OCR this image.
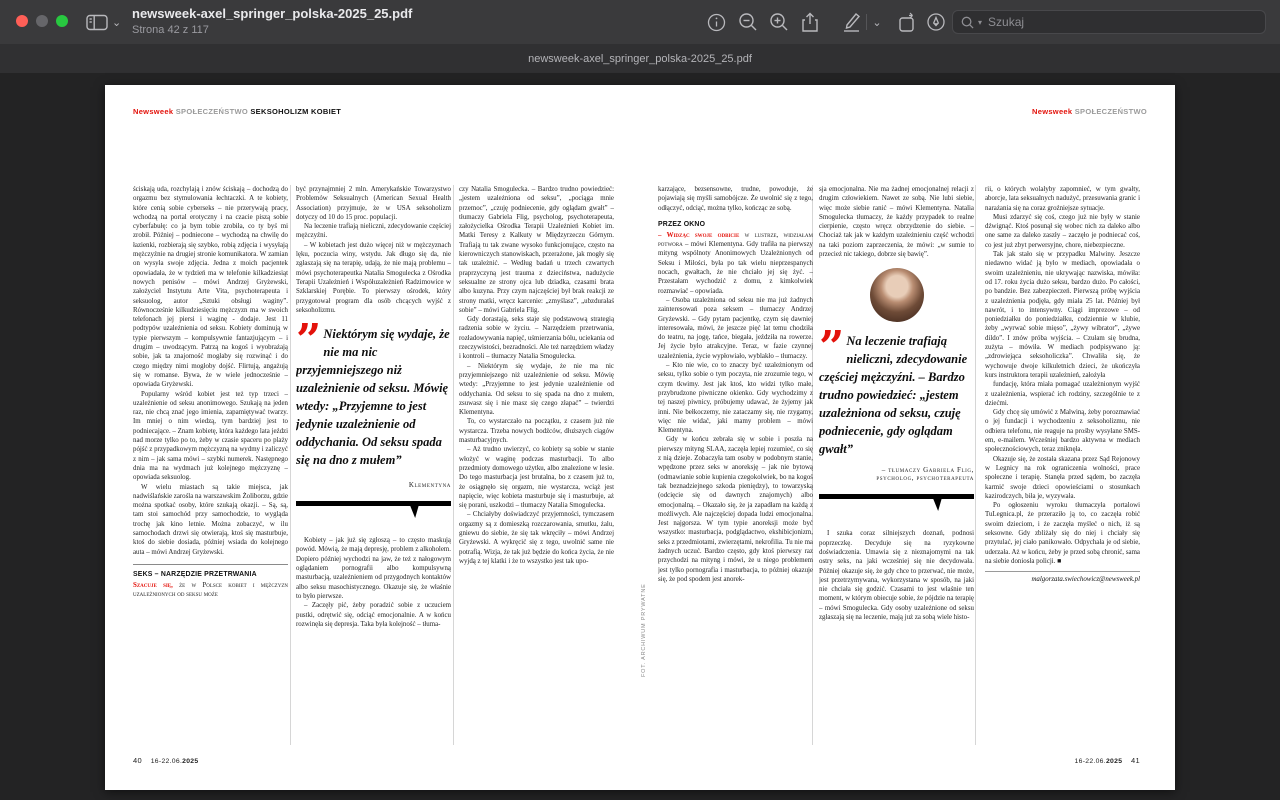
⌄
newsweek-axel_springer_polska-2025_25.pdf
Strona 42 z 117
⌄	▾
Szukaj
newsweek-axel_springer_polska-2025_25.pdf
Newsweek SPOŁECZEŃSTWO SEKSOHOLIZM KOBIET	Newsweek SPOŁECZEŃSTWO

ściskają uda, rozchylają i znów ściskają – dochodzą do orgazmu bez stymulowania łechtaczki. A te kobiety, które cenią sobie cyberseks – nie przerywają pracy, wchodzą na portal erotyczny i na czacie piszą sobie cyberfabułę: co ja bym tobie zrobiła, co ty byś mi zrobił. Później – podniecone – wychodzą na chwilę do łazienki, rozbierają się szybko, robią zdjęcia i wysyłają mężczyźnie na drugiej stronie komunikatora. W zamian on wysyła swoje zdjęcia. Jedna z moich pacjentek opowiadała, że w tydzień ma w telefonie kilkadziesiąt nowych penisów – mówi Andrzej Gryżewski, założyciel Instytutu Arte Vita, psychoterapeuta i seksuolog, autor „Sztuki obsługi waginy”. Równocześnie kilkudziesięciu mężczyzn ma w swoich telefonach jej piersi i waginę - dodaje. Jest 11 podtypów uzależnienia od seksu. Kobiety dominują w typie pierwszym – kompulsywnie fantazjującym – i drugim – uwodzącym. Patrzą na kogoś i wyobrażają sobie, jak ta znajomość mogłaby się rozwinąć i do czego między nimi mogłoby dojść. Flirtują, angażują się w romanse. Bywa, że w wiele jednocześnie – opowiada Gryżewski.

Popularny wśród kobiet jest też typ trzeci – uzależnienie od seksu anonimowego. Szukają na jeden raz, nie chcą znać jego imienia, zapamiętywać twarzy. Im mniej o nim wiedzą, tym bardziej jest to podniecające. – Znam kobietę, która każdego lata jeździ nad morze tylko po to, żeby w czasie spaceru po plaży pójść z przypadkowym mężczyzną na wydmy i zaliczyć z nim – jak sama mówi – szybki numerek. Następnego dnia ma na wydmach już kolejnego mężczyznę – opowiada seksuolog.

W wielu miastach są takie miejsca, jak nadwiślańskie zarośla na warszawskim Żoliborzu, gdzie można spotkać osoby, które szukają okazji. – Są, są, tam stoi samochód przy samochodzie, to wygląda trochę jak kino letnie. Można zobaczyć, w ilu samochodach drzwi się otwierają, ktoś się masturbuje, ktoś do siebie dosiada, później wsiada do kolejnego auta – mówi Andrzej Gryżewski.

SEKS – NARZĘDZIE PRZETRWANIA

Szacuje się, że w Polsce kobiet i mężczyzn uzależnionych od seksu może

być przynajmniej 2 mln. Amerykańskie Towarzystwo Problemów Seksualnych (American Sexual Health Association) przyjmuje, że w USA seksoholizm dotyczy od 10 do 15 proc. populacji.

Na leczenie trafiają nieliczni, zdecydowanie częściej mężczyźni.

– W kobietach jest dużo więcej niż w mężczyznach lęku, poczucia winy, wstydu. Jak długo się da, nie zgłaszają się na terapię, udają, że nie mają problemu – mówi psychoterapeutka Natalia Smogulecka z Ośrodka Terapii Uzależnień i Współuzależnień Radzimowice w Szklarskiej Porębie. To pierwszy ośrodek, który przygotował program dla osób chcących wyjść z seksoholizmu.

” Niektórym się wydaje, że nie ma nic przyjemniejszego niż uzależnienie od seksu. Mówię wtedy: „Przyjemne to jest jedynie uzależnienie od oddychania. Od seksu spada się na dno z mułem”
Klementyna

Kobiety – jak już się zgłoszą – to często maskują powód. Mówią, że mają depresję, problem z alkoholem. Dopiero później wychodzi na jaw, że też z nałogowym oglądaniem pornografii albo kompulsywną masturbacją, uzależnieniem od przygodnych kontaktów albo seksu masochistycznego. Okazuje się, że właśnie to było pierwsze.

– Zaczęły pić, żeby poradzić sobie z uczuciem pustki, odrętwić się, odciąć emocjonalnie. A w końcu rozwinęła się depresja. Taka była kolejność – tłuma-

czy Natalia Smogulecka. – Bardzo trudno powiedzieć: „jestem uzależniona od seksu”, „pociąga mnie przemoc”, „czuję podniecenie, gdy oglądam gwałt” – tłumaczy Gabriela Flig, psycholog, psychoterapeuta, założycielka Ośrodka Terapii Uzależnień Kobiet im. Matki Teresy z Kalkuty w Międzyrzeczu Górnym. Trafiają tu tak zwane wysoko funkcjonujące, często na kierowniczych stanowiskach, przerażone, jak mogły się tak uzależnić. – Według badań u trzech czwartych praprzyczyną jest trauma z dzieciństwa, nadużycie seksualne ze strony ojca lub dziadka, czasami brata albo kuzyna. Przy czym najczęściej był brak reakcji ze strony matki, wręcz karcenie: „zmyślasz”, „ubzdurałaś sobie” – mówi Gabriela Flig.

Gdy dorastają, seks staje się podstawową strategią radzenia sobie w życiu. – Narzędziem przetrwania, rozładowywania napięć, uśmierzania bólu, uciekania od rzeczywistości, bezradności. Ale też narzędziem władzy i kontroli – tłumaczy Natalia Smogulecka.

– Niektórym się wydaje, że nie ma nic przyjemniejszego niż uzależnienie od seksu. Mówię wtedy: „Przyjemne to jest jedynie uzależnienie od oddychania. Od seksu to się spada na dno z mułem, zsuwasz się i nie masz się czego złapać” – twierdzi Klementyna.

To, co wystarczało na początku, z czasem już nie wystarcza. Trzeba nowych bodźców, dłuższych ciągów masturbacyjnych.

– Aż trudno uwierzyć, co kobiety są sobie w stanie włożyć w waginę podczas masturbacji. To albo przedmioty domowego użytku, albo znalezione w lesie. Do tego masturbacja jest brutalna, bo z czasem już to, że osiągnęło się orgazm, nie wystarcza, wciąż jest napięcie, więc kobieta masturbuje się i masturbuje, aż się porani, uszkodzi – tłumaczy Natalia Smogulecka.

– Chciałyby doświadczyć przyjemności, tymczasem orgazmy są z domieszką rozczarowania, smutku, żalu, gniewu do siebie, że się tak wkręciły – mówi Andrzej Gryżewski. A wykręcić się z tego, uwolnić same nie potrafią. Wizja, że tak już będzie do końca życia, że nie wyjdą z tej klatki i że to wszystko jest tak upo-

FOT. ARCHIWUM PRYWATNE

karzające, bezsensowne, trudne, powoduje, że pojawiają się myśli samobójcze. Że uwolnić się z tego, odłączyć, odciąć, można tylko, kończąc ze sobą.

PRZEZ OKNO

– Widząc swoje odbicie w lustrze, widziałam potwora – mówi Klementyna. Gdy trafiła na pierwszy mityng wspólnoty Anonimowych Uzależnionych od Seksu i Miłości, była po tak wielu nieprzespanych nocach, gwałtach, że nie chciało jej się żyć. – Przestałam wychodzić z domu, z kimkolwiek rozmawiać – opowiada.

– Osoba uzależniona od seksu nie ma już żadnych zainteresowań poza seksem – tłumaczy Andrzej Gryżewski. – Gdy pytam pacjentkę, czym się dawniej interesowała, mówi, że jeszcze pięć lat temu chodziła do teatru, na jogę, tańce, biegała, jeździła na rowerze. Jej życie było atrakcyjne. Teraz, w fazie czynnej uzależnienia, życie wypłowiało, wyblakło – tłumaczy.

– Kto nie wie, co to znaczy być uzależnionym od seksu, tylko sobie o tym poczyta, nie zrozumie tego, w czym tkwimy. Jest jak ktoś, kto widzi tylko małe, przybrudzone piwniczne okienko. Gdy wychodzimy z tej naszej piwnicy, próbujemy udawać, że żyjemy jak inni. Nie bełkoczemy, nie zataczamy się, nie rzygamy, więc nie widać, jaki mamy problem – mówi Klementyna.

Gdy w końcu zebrała się w sobie i poszła na pierwszy mityng SLAA, zaczęła lepiej rozumieć, co się z nią dzieje. Zobaczyła tam osoby w podobnym stanie, wpędzone przez seks w anoreksję – jak nie bytową (odmawianie sobie kupienia czegokolwiek, bo na kogoś tak beznadziejnego szkoda pieniędzy), to towarzyską (odcięcie się od dawnych znajomych) albo emocjonalną. – Okazało się, że ja zapadłam na każdą z możliwych. Ale najczęściej dopada ludzi emocjonalna. Jest najgorsza. W tym typie anoreksji może być wszystko: masturbacja, podglądactwo, ekshibicjonizm, seks z przedmiotami, zwierzętami, nekrofilia. Tu nie ma żadnych uczuć. Bardzo często, gdy ktoś pierwszy raz przychodzi na mityng i mówi, że u niego problemem jest tylko pornografia i masturbacja, to później okazuje się, że pod spodem jest anorek-

sja emocjonalna. Nie ma żadnej emocjonalnej relacji z drugim człowiekiem. Nawet ze sobą. Nie lubi siebie, więc może siebie ranić – mówi Klementyna. Natalia Smogulecka tłumaczy, że każdy przypadek to realne cierpienie, często wręcz obrzydzenie do siebie. – Chociaż tak jak w każdym uzależnieniu część wchodzi na taki poziom zaprzeczenia, że mówi: „w sumie to przecież nic takiego, dobrze się bawię”.

” Na leczenie trafiają nieliczni, zdecydowanie częściej mężczyźni. – Bardzo trudno powiedzieć: „jestem uzależniona od seksu, czuję podniecenie, gdy oglądam gwałt”
– tłumaczy Gabriela Flig,
psycholog, psychoterapeuta

I szuka coraz silniejszych doznań, podnosi poprzeczkę. Decyduje się na ryzykowne doświadczenia. Umawia się z nieznajomymi na tak ostry seks, na jaki wcześniej się nie decydowała. Później okazuje się, że gdy chce to przerwać, nie może, jest przetrzymywana, wykorzystana w sposób, na jaki nie chciała się godzić. Czasami to jest właśnie ten moment, w którym obiecuje sobie, że pójdzie na terapię – mówi Smogulecka. Gdy osoby uzależnione od seksu zgłaszają się na leczenie, mają już za sobą wiele histo-

rii, o których wolałyby zapomnieć, w tym gwałty, aborcje, lata seksualnych nadużyć, przesuwania granic i narażania się na coraz groźniejsze sytuacje.

Musi zdarzyć się coś, czego już nie były w stanie dźwignąć. Ktoś posunął się wobec nich za daleko albo one same za daleko zaszły – zaczęło je podniecać coś, co jest już zbyt perwersyjne, chore, niebezpieczne.

Tak jak stało się w przypadku Malwiny. Jeszcze niedawno widać ją było w mediach, opowiadała o swoim uzależnieniu, nie ukrywając nazwiska, mówiła: od 17. roku życia dużo seksu, bardzo dużo. Po całości, po bandzie. Bez zabezpieczeń. Pierwszą próbę wyjścia z uzależnienia podjęła, gdy miała 25 lat. Później był nawrót, i to intensywny. Ciągi imprezowe – od poniedziałku do poniedziałku, codziennie w klubie, żeby „wyrwać sobie mięso”, „żywy wibrator”, „żywe dildo”. I znów próba wyjścia. – Czułam się brudna, zużyta – mówiła. W mediach podpisywano ją: „zdrowiejąca seksoholiczka”. Chwaliła się, że wychowuje dwoje kilkuletnich dzieci, że ukończyła kurs instruktora terapii uzależnień, założyła

fundację, która miała pomagać uzależnionym wyjść z uzależnienia, wspierać ich rodziny, szczególnie te z dziećmi.

Gdy chcę się umówić z Malwiną, żeby porozmawiać o jej fundacji i wychodzeniu z seksoholizmu, nie odbiera telefonu, nie reaguje na prośby wysyłane SMS-em, e-mailem. Wcześniej bardzo aktywna w mediach społecznościowych, teraz zniknęła.

Okazuje się, że została skazana przez Sąd Rejonowy w Legnicy na rok ograniczenia wolności, prace społeczne i terapię. Stanęła przed sądem, bo zaczęła karmić swoje dzieci opowieściami o stosunkach kazirodczych, biła je, wyzywała.

Po ogłoszeniu wyroku tłumaczyła portalowi TuLegnica.pl, że przeraziło ją to, co zaczęła robić swoim dzieciom, i że zaczęła myśleć o nich, iż są seksowne. Gdy zbliżały się do niej i chciały się przytulać, jej ciało panikowało. Odpychała je od siebie, uderzała. Aż w końcu, żeby je przed sobą chronić, sama na siebie doniosła policji. ■

malgorzata.swiechowicz@newsweek.pl
40 16-22.06.2025	16-22.06.2025 41
